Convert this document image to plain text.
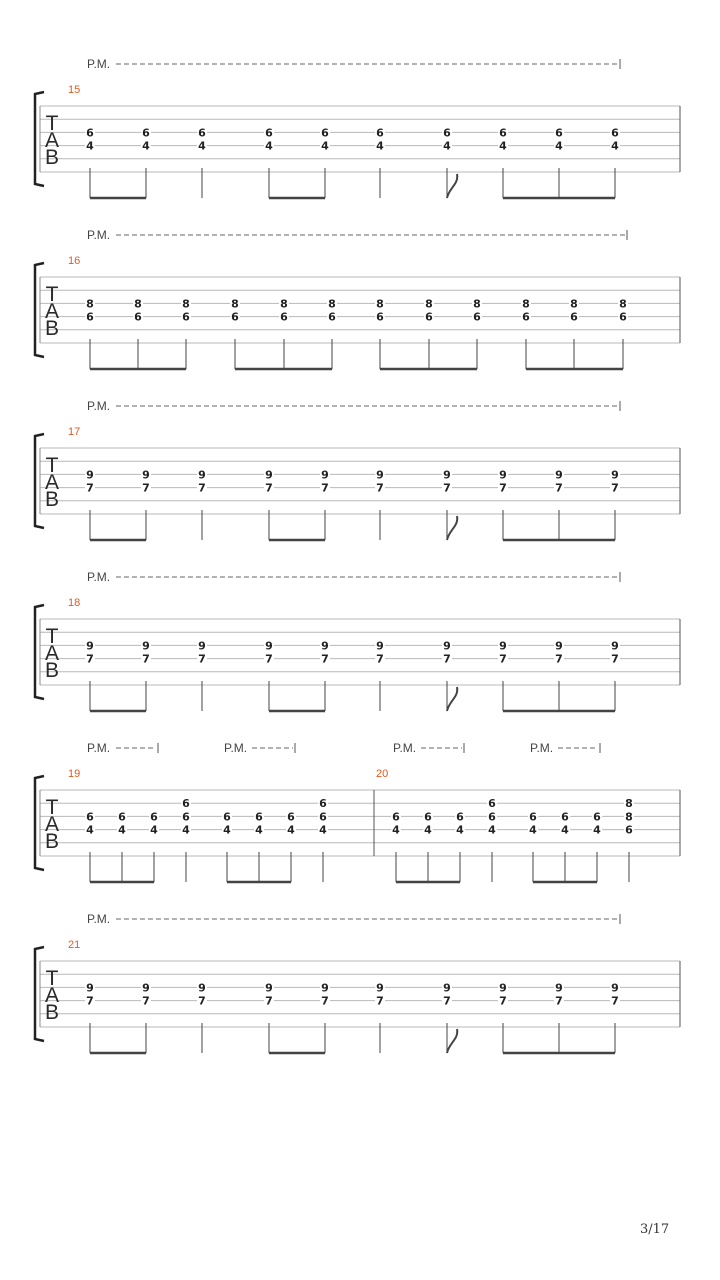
P.M.
15
T
A
B
6
4
6
4
6
4
6
4
6
4
6
4
6
4
6
4
6
4
6
4
P.M.
16
T
A
B
8
6
8
6
8
6
8
6
8
6
8
6
8
6
8
6
8
6
8
6
8
6
8
6
P.M.
17
T
A
B
9
7
9
7
9
7
9
7
9
7
9
7
9
7
9
7
9
7
9
7
P.M.
18
T
A
B
9
7
9
7
9
7
9
7
9
7
9
7
9
7
9
7
9
7
9
7
P.M.	P.M.	P.M.	P.M.
19	20
T
A
B
6
4
6
4
6
4
6
6
4
6
4
6
4
6
4
6
6
4
6
4
6
4
6
4
6
6
4
6
4
6
4
6
4
8
8
6
P.M.
21
T
A
B
9
7
9
7
9
7
9
7
9
7
9
7
9
7
9
7
9
7
9
7
3/17
